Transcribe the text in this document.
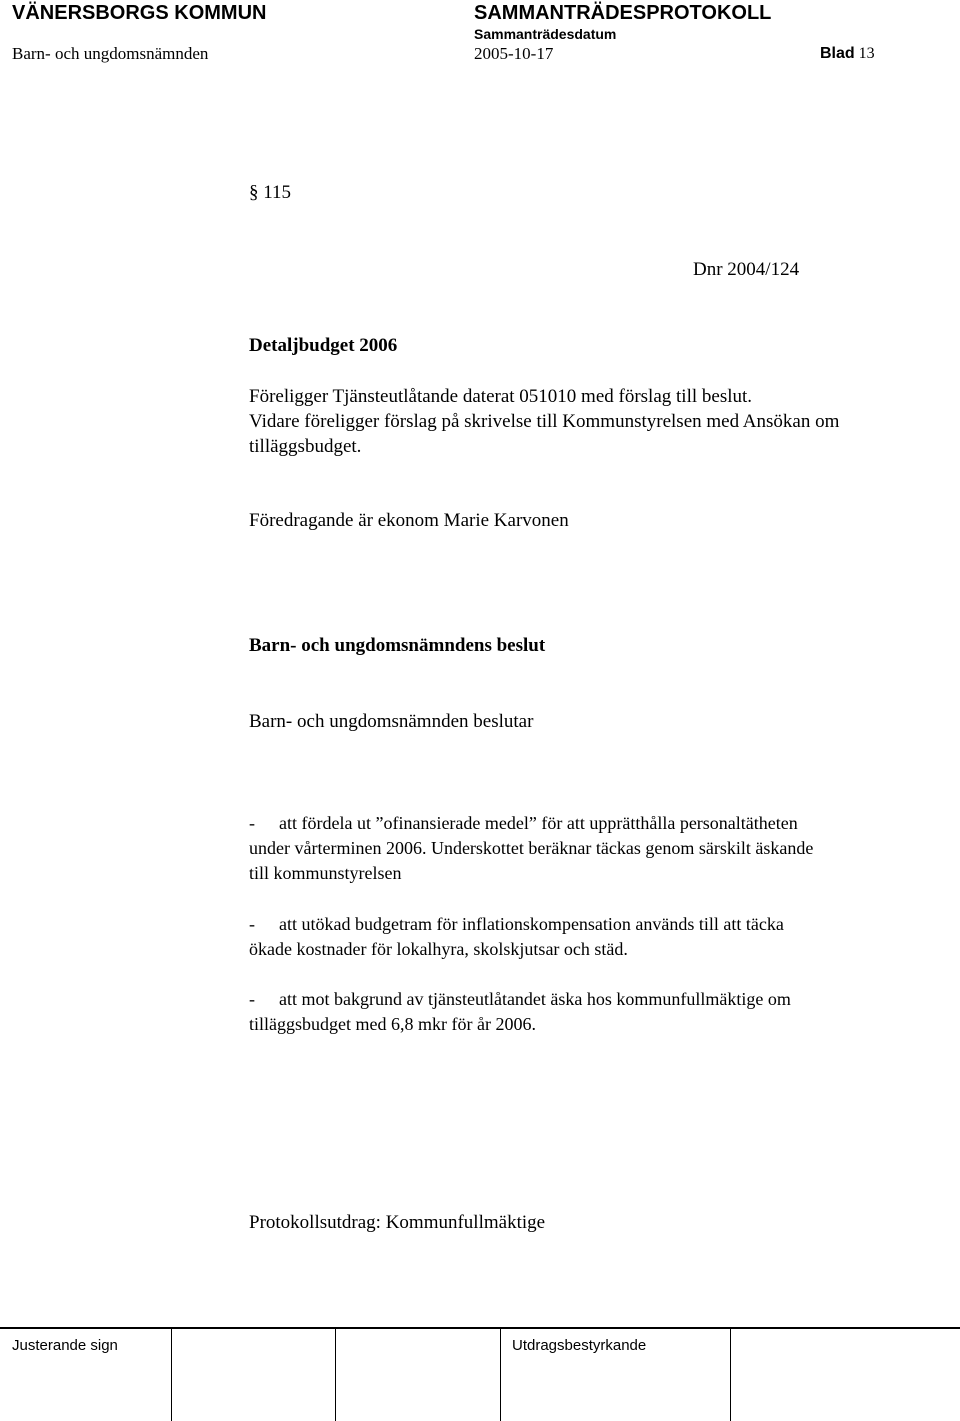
VÄNERSBORGS KOMMUN	SAMMANTRÄDESPROTOKOLL
Barn- och ungdomsnämnden
Sammanträdesdatum
2005-10-17	Blad 13
§ 115
Dnr 2004/124
Detaljbudget 2006
Föreligger Tjänsteutlåtande daterat 051010 med förslag till beslut.
Vidare föreligger förslag på skrivelse till Kommunstyrelsen med Ansökan om
tilläggsbudget.
Föredragande är ekonom Marie Karvonen
Barn- och ungdomsnämndens beslut
Barn- och ungdomsnämnden beslutar
- att fördela ut ”ofinansierade medel” för att upprätthålla personaltätheten
under vårterminen 2006. Underskottet beräknar täckas genom särskilt äskande
till kommunstyrelsen
- att utökad budgetram för inflationskompensation används till att täcka
ökade kostnader för lokalhyra, skolskjutsar och städ.
- att mot bakgrund av tjänsteutlåtandet äska hos kommunfullmäktige om
tilläggsbudget med 6,8 mkr för år 2006.
Protokollsutdrag: Kommunfullmäktige
Justerande sign	Utdragsbestyrkande
